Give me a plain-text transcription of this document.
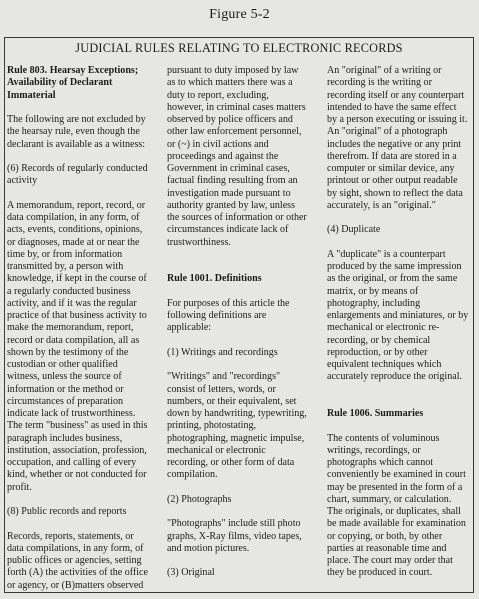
Figure 5-2
JUDICIAL RULES RELATING TO ELECTRONIC RECORDS

Rule 803. Hearsay Exceptions;
Availability of Declarant
Immaterial

The following are not excluded by
the hearsay rule, even though the
declarant is available as a witness:

(6) Records of regularly conducted
activity

A memorandum, report, record, or
data compilation, in any form, of
acts, events, conditions, opinions,
or diagnoses, made at or near the
time by, or from information
transmitted by, a person with
knowledge, if kept in the course of
a regularly conducted business
activity, and if it was the regular
practice of that business activity to
make the memorandum, report,
record or data compilation, all as
shown by the testimony of the
custodian or other qualified
witness, unless the source of
information or the method or
circumstances of preparation
indicate lack of trustworthiness.
The term "business" as used in this
paragraph includes business,
institution, association, profession,
occupation, and calling of every
kind, whether or not conducted for
profit.

(8) Public records and reports

Records, reports, statements, or
data compilations, in any form, of
public offices or agencies, setting
forth (A) the activities of the office
or agency, or (B)matters observed

pursuant to duty imposed by law
as to which matters there was a
duty to report, excluding,
however, in criminal cases matters
observed by police officers and
other law enforcement personnel,
or (~) in civil actions and
proceedings and against the
Government in criminal cases,
factual finding resulting from an
investigation made pursuant to
authority granted by law, unless
the sources of information or other
circumstances indicate lack of
trustworthiness.

Rule 1001. Definitions

For purposes of this article the
following definitions are
applicable:

(1) Writings and recordings

"Writings" and "recordings"
consist of letters, words, or
numbers, or their equivalent, set
down by handwriting, typewriting,
printing, photostating,
photographing, magnetic impulse,
mechanical or electronic
recording, or other form of data
compilation.

(2) Photographs

"Photographs" include still photo
graphs, X-Ray films, video tapes,
and motion pictures.

(3) Original

An "original" of a writing or
recording is the writing or
recording itself or any counterpart
intended to have the same effect
by a person executing or issuing it.
An "original" of a photograph
includes the negative or any print
therefrom. If data are stored in a
computer or similar device, any
printout or other output readable
by sight, shown to reflect the data
accurately, is an "original."

(4) Duplicate

A "duplicate" is a counterpart
produced by the same impression
as the original, or from the same
matrix, or by means of
photography, including
enlargements and miniatures, or by
mechanical or electronic re-
recording, or by chemical
reproduction, or by other
equivalent techniques which
accurately reproduce the original.

Rule 1006. Summaries

The contents of voluminous
writings, recordings, or
photographs which cannot
conveniently be examined in court
may be presented in the form of a
chart, summary, or calculation.
The originals, or duplicates, shall
be made available for examination
or copying, or both, by other
parties at reasonable time and
place. The court may order that
they be produced in court.
